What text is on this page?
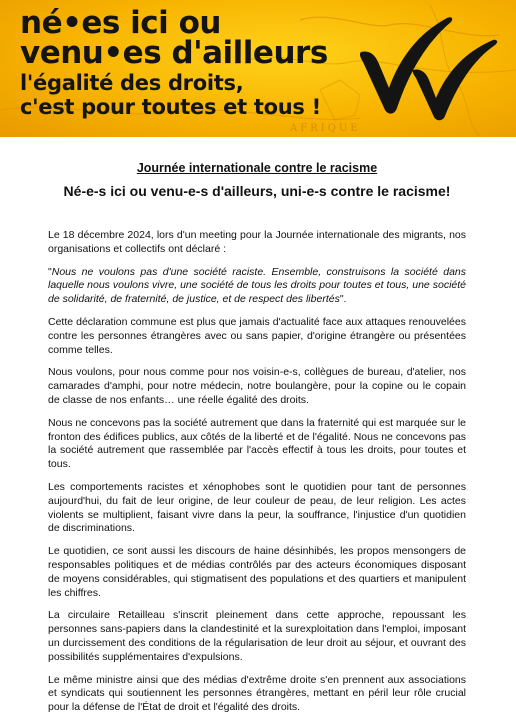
AFRIQUE
né•es ici ou
venu•es d'ailleurs
l'égalité des droits,
c'est pour toutes et tous !
Journée internationale contre le racisme
Né-e-s ici ou venu-e-s d'ailleurs, uni-e-s contre le racisme!

Le 18 décembre 2024, lors d'un meeting pour la Journée internationale des migrants, nos organisations et collectifs ont déclaré :

"Nous ne voulons pas d'une société raciste. Ensemble, construisons la société dans laquelle nous voulons vivre, une société de tous les droits pour toutes et tous, une société de solidarité, de fraternité, de justice, et de respect des libertés".

Cette déclaration commune est plus que jamais d'actualité face aux attaques renouvelées contre les personnes étrangères avec ou sans papier, d'origine étrangère ou présentées comme telles.

Nous voulons, pour nous comme pour nos voisin-e-s, collègues de bureau, d'atelier, nos camarades d'amphi, pour notre médecin, notre boulangère, pour la copine ou le copain de classe de nos enfants… une réelle égalité des droits.

Nous ne concevons pas la société autrement que dans la fraternité qui est marquée sur le fronton des édifices publics, aux côtés de la liberté et de l'égalité. Nous ne concevons pas la société autrement que rassemblée par l'accès effectif à tous les droits, pour toutes et tous.

Les comportements racistes et xénophobes sont le quotidien pour tant de personnes aujourd'hui, du fait de leur origine, de leur couleur de peau, de leur religion. Les actes violents se multiplient, faisant vivre dans la peur, la souffrance, l'injustice d'un quotidien de discriminations.

Le quotidien, ce sont aussi les discours de haine désinhibés, les propos mensongers de responsables politiques et de médias contrôlés par des acteurs économiques disposant de moyens considérables, qui stigmatisent des populations et des quartiers et manipulent les chiffres.

La circulaire Retailleau s'inscrit pleinement dans cette approche, repoussant les personnes sans-papiers dans la clandestinité et la surexploitation dans l'emploi, imposant un durcissement des conditions de la régularisation de leur droit au séjour, et ouvrant des possibilités supplémentaires d'expulsions.

Le même ministre ainsi que des médias d'extrême droite s'en prennent aux associations et syndicats qui soutiennent les personnes étrangères, mettant en péril leur rôle crucial pour la défense de l'État de droit et l'égalité des droits.
